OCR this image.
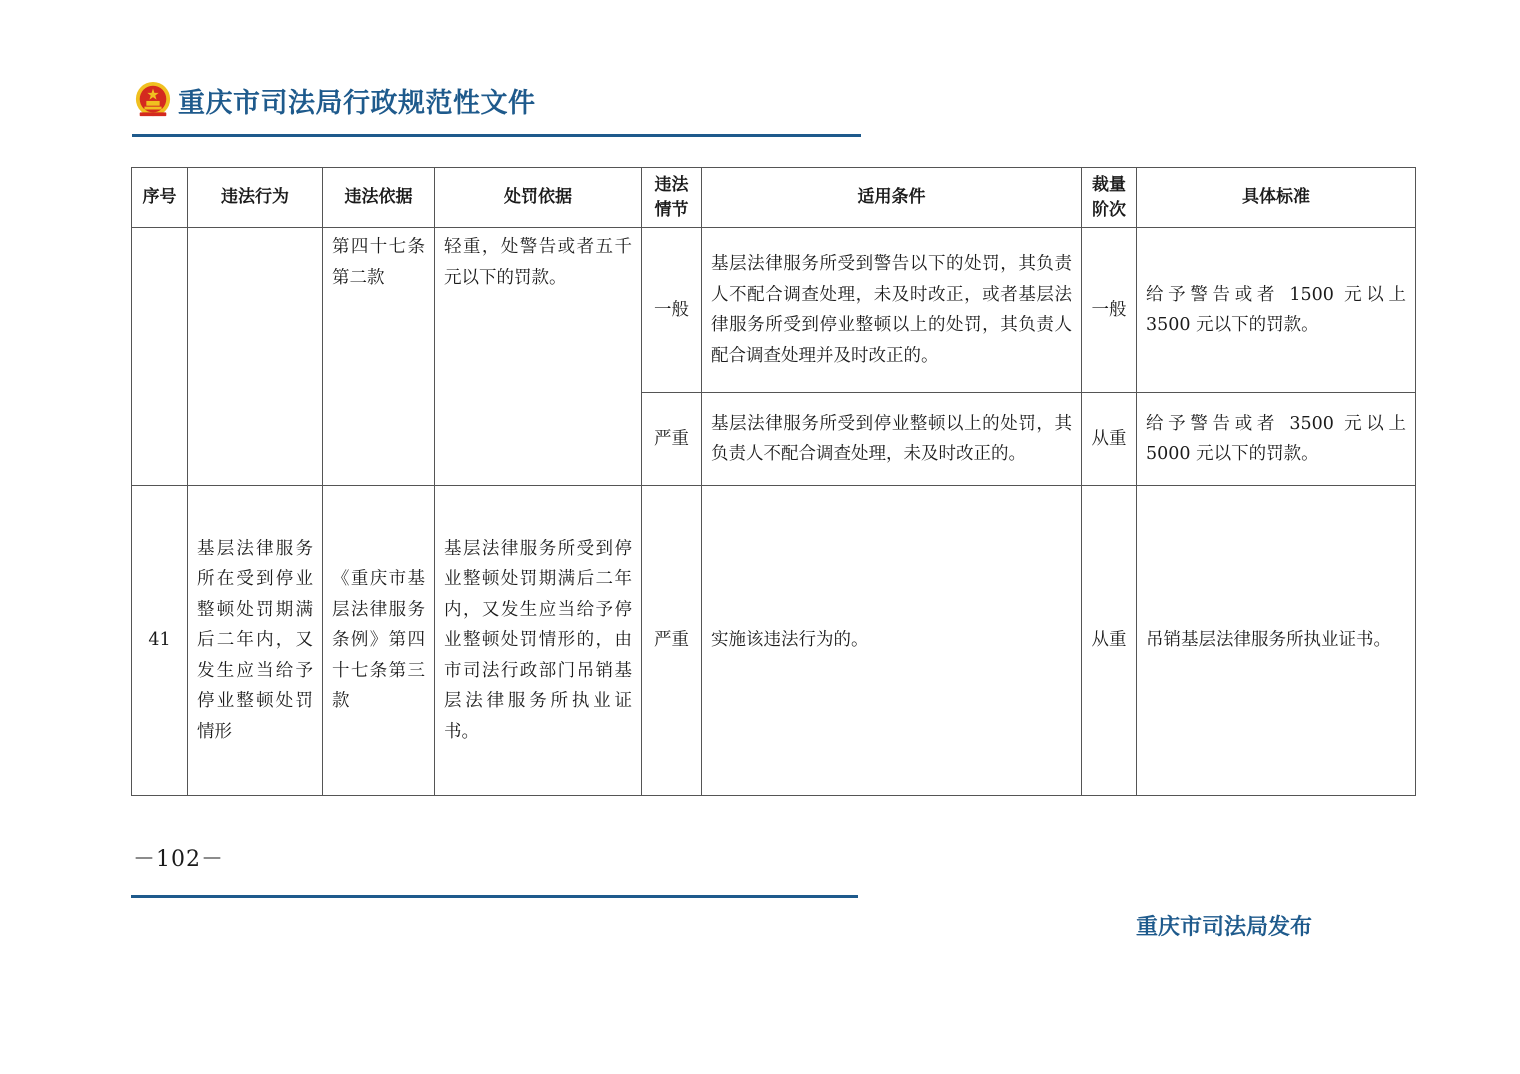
重庆市司法局行政规范性文件
序号	违法行为	违法依据	处罚依据	违法情节	适用条件	裁量阶次	具体标准

		第四十七条第二款	轻重，处警告或者五千元以下的罚款。	一般	基层法律服务所受到警告以下的处罚，其负责人不配合调查处理，未及时改正，或者基层法律服务所受到停业整顿以上的处罚，其负责人配合调查处理并及时改正的。	一般	给予警告或者 1500 元以上 3500 元以下的罚款。
				严重	基层法律服务所受到停业整顿以上的处罚，其负责人不配合调查处理，未及时改正的。	从重	给予警告或者 3500 元以上 5000 元以下的罚款。
41	基层法律服务所在受到停业整顿处罚期满后二年内，又发生应当给予停业整顿处罚情形	《重庆市基层法律服务条例》第四十七条第三款	基层法律服务所受到停业整顿处罚期满后二年内，又发生应当给予停业整顿处罚情形的，由市司法行政部门吊销基层法律服务所执业证书。	严重	实施该违法行为的。	从重	吊销基层法律服务所执业证书。
－102－
重庆市司法局发布
